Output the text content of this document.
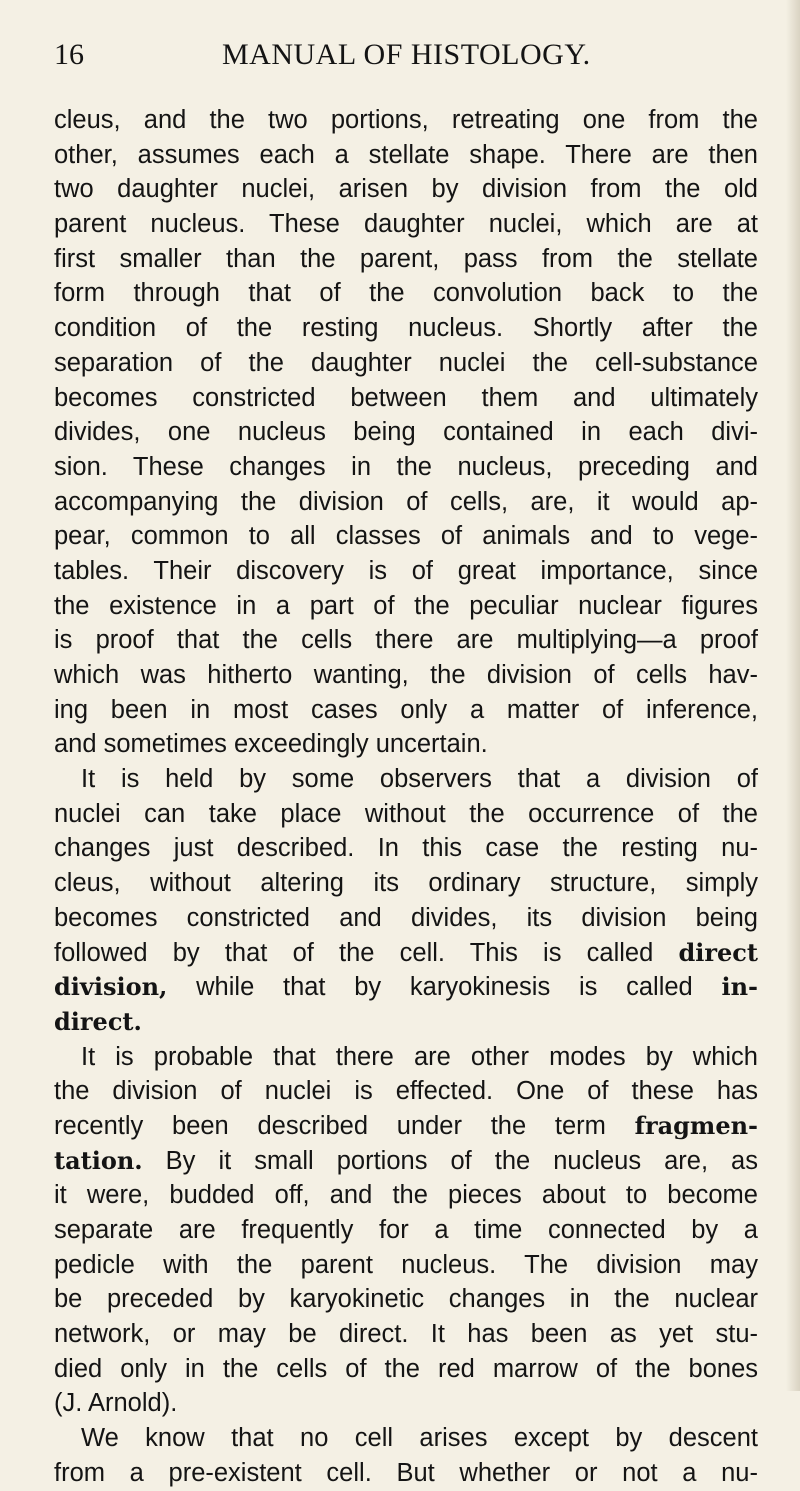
16	MANUAL OF HISTOLOGY.
cleus, and the two portions, retreating one from the
other, assumes each a stellate shape. There are then
two daughter nuclei, arisen by division from the old
parent nucleus. These daughter nuclei, which are at
first smaller than the parent, pass from the stellate
form through that of the convolution back to the
condition of the resting nucleus. Shortly after the
separation of the daughter nuclei the cell-substance
becomes constricted between them and ultimately
divides, one nucleus being contained in each divi-
sion. These changes in the nucleus, preceding and
accompanying the division of cells, are, it would ap-
pear, common to all classes of animals and to vege-
tables. Their discovery is of great importance, since
the existence in a part of the peculiar nuclear figures
is proof that the cells there are multiplying—a proof
which was hitherto wanting, the division of cells hav-
ing been in most cases only a matter of inference,
and sometimes exceedingly uncertain.
It is held by some observers that a division of
nuclei can take place without the occurrence of the
changes just described. In this case the resting nu-
cleus, without altering its ordinary structure, simply
becomes constricted and divides, its division being
followed by that of the cell. This is called direct
division, while that by karyokinesis is called in-
direct.
It is probable that there are other modes by which
the division of nuclei is effected. One of these has
recently been described under the term fragmen-
tation. By it small portions of the nucleus are, as
it were, budded off, and the pieces about to become
separate are frequently for a time connected by a
pedicle with the parent nucleus. The division may
be preceded by karyokinetic changes in the nuclear
network, or may be direct. It has been as yet stu-
died only in the cells of the red marrow of the bones
(J. Arnold).
We know that no cell arises except by descent
from a pre-existent cell. But whether or not a nu-
